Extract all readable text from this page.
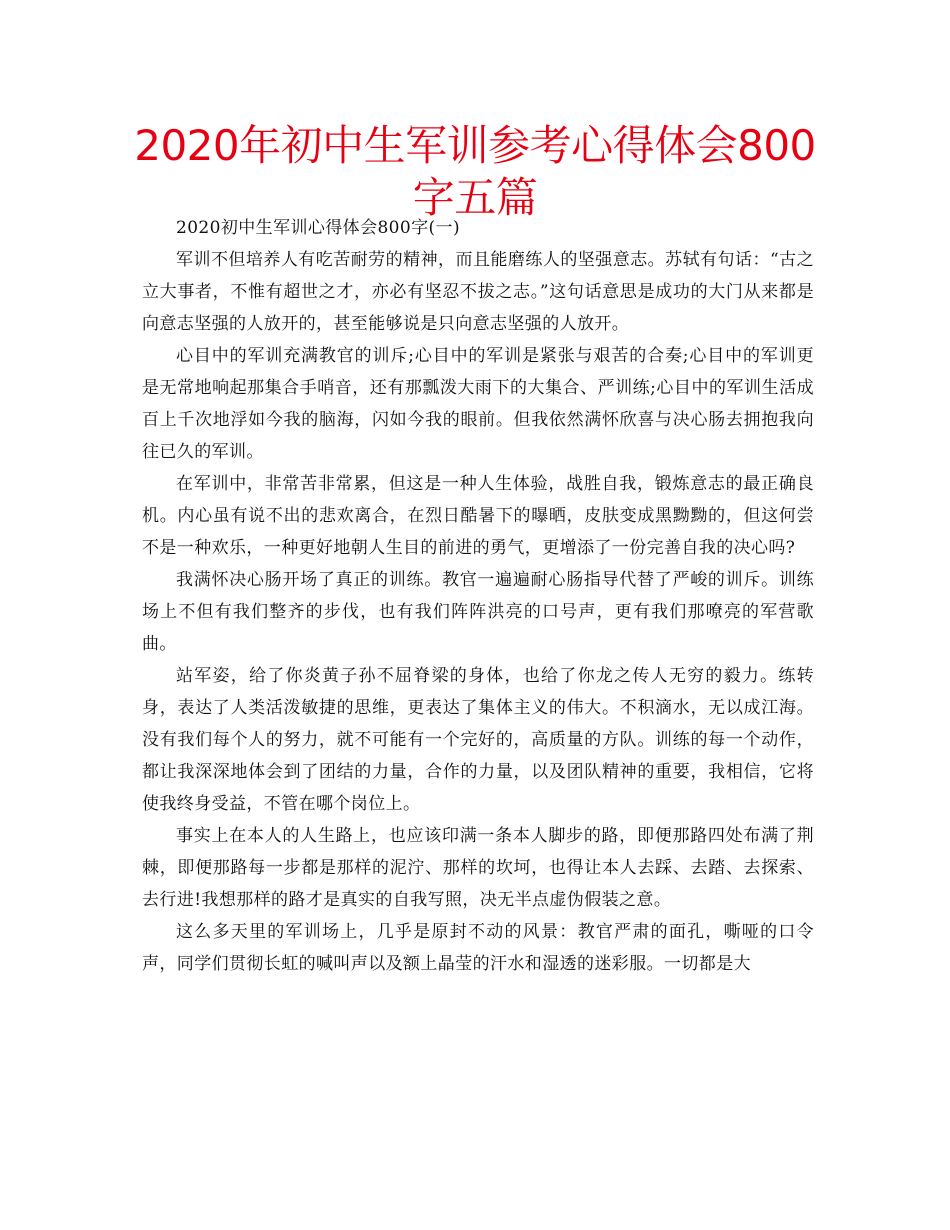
2020年初中生军训参考心得体会800字五篇

2020初中生军训心得体会800字(一)

军训不但培养人有吃苦耐劳的精神，而且能磨练人的坚强意志。苏轼有句话：“古之立大事者，不惟有超世之才，亦必有坚忍不拔之志。”这句话意思是成功的大门从来都是向意志坚强的人放开的，甚至能够说是只向意志坚强的人放开。

心目中的军训充满教官的训斥;心目中的军训是紧张与艰苦的合奏;心目中的军训更是无常地响起那集合手哨音，还有那瓢泼大雨下的大集合、严训练;心目中的军训生活成百上千次地浮如今我的脑海，闪如今我的眼前。但我依然满怀欣喜与决心肠去拥抱我向往已久的军训。

在军训中，非常苦非常累，但这是一种人生体验，战胜自我，锻炼意志的最正确良机。内心虽有说不出的悲欢离合，在烈日酷暑下的曝晒，皮肤变成黑黝黝的，但这何尝不是一种欢乐，一种更好地朝人生目的前进的勇气，更增添了一份完善自我的决心吗?

我满怀决心肠开场了真正的训练。教官一遍遍耐心肠指导代替了严峻的训斥。训练场上不但有我们整齐的步伐，也有我们阵阵洪亮的口号声，更有我们那嘹亮的军营歌曲。

站军姿，给了你炎黄子孙不屈脊梁的身体，也给了你龙之传人无穷的毅力。练转身，表达了人类活泼敏捷的思维，更表达了集体主义的伟大。不积滴水，无以成江海。没有我们每个人的努力，就不可能有一个完好的，高质量的方队。训练的每一个动作，都让我深深地体会到了团结的力量，合作的力量，以及团队精神的重要，我相信，它将使我终身受益，不管在哪个岗位上。

事实上在本人的人生路上，也应该印满一条本人脚步的路，即便那路四处布满了荆棘，即便那路每一步都是那样的泥泞、那样的坎坷，也得让本人去踩、去踏、去探索、去行进!我想那样的路才是真实的自我写照，决无半点虚伪假装之意。

这么多天里的军训场上，几乎是原封不动的风景：教官严肃的面孔，嘶哑的口令声，同学们贯彻长虹的喊叫声以及额上晶莹的汗水和湿透的迷彩服。一切都是大
